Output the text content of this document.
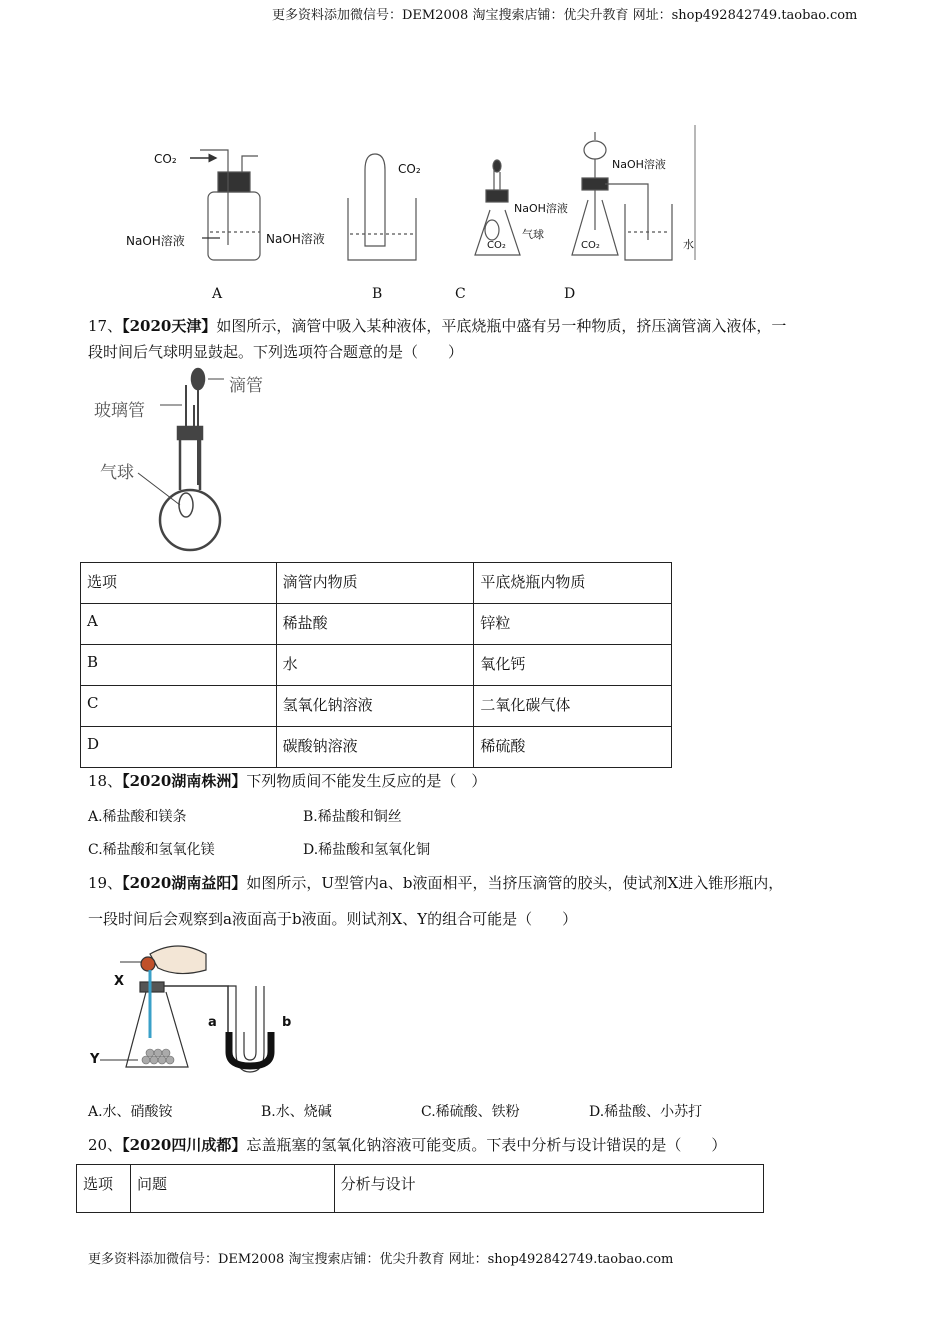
更多资料添加微信号：DEM2008 淘宝搜索店铺：优尖升教育 网址：shop492842749.taobao.com
CO₂
NaOH溶液
CO₂
NaOH溶液
NaOH溶液
气球
CO₂
NaOH溶液
CO₂	水
A	B	C	D
17、【2020天津】如图所示，滴管中吸入某种液体，平底烧瓶中盛有另一种物质，挤压滴管滴入液体，一
段时间后气球明显鼓起。下列选项符合题意的是（　　）
滴管
玻璃管
气球
选项	滴管内物质	平底烧瓶内物质
A	稀盐酸	锌粒
B	水	氧化钙
C	氢氧化钠溶液	二氧化碳气体
D	碳酸钠溶液	稀硫酸
18、【2020湖南株洲】下列物质间不能发生反应的是（　）
A.稀盐酸和镁条	B.稀盐酸和铜丝
C.稀盐酸和氢氧化镁	D.稀盐酸和氢氧化铜
19、【2020湖南益阳】如图所示，U型管内a、b液面相平，当挤压滴管的胶头，使试剂X进入锥形瓶内，
一段时间后会观察到a液面高于b液面。则试剂X、Y的组合可能是（　　）
X
Y
a	b
A.水、硝酸铵	B.水、烧碱	C.稀硫酸、铁粉	D.稀盐酸、小苏打
20、【2020四川成都】忘盖瓶塞的氢氧化钠溶液可能变质。下表中分析与设计错误的是（　　）
选项	问题	分析与设计
更多资料添加微信号：DEM2008 淘宝搜索店铺：优尖升教育 网址：shop492842749.taobao.com
